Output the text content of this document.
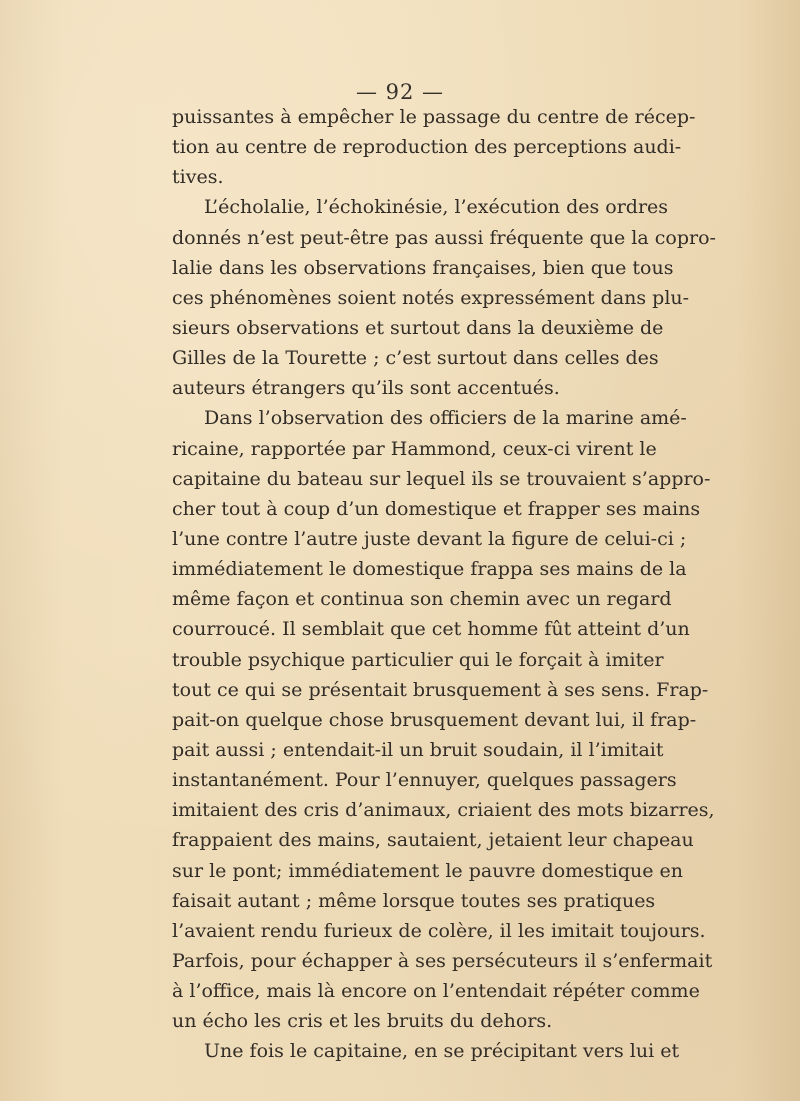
— 92 —
puissantes à empêcher le passage du centre de récep-
tion au centre de reproduction des perceptions audi-
tives.
L’écholalie, l’échokinésie, l’exécution des ordres
donnés n’est peut-être pas aussi fréquente que la copro-
lalie dans les observations françaises, bien que tous
ces phénomènes soient notés expressément dans plu-
sieurs observations et surtout dans la deuxième de
Gilles de la Tourette ; c’est surtout dans celles des
auteurs étrangers qu’ils sont accentués.
Dans l’observation des officiers de la marine amé-
ricaine, rapportée par Hammond, ceux-ci virent le
capitaine du bateau sur lequel ils se trouvaient s’appro-
cher tout à coup d’un domestique et frapper ses mains
l’une contre l’autre juste devant la figure de celui-ci ;
immédiatement le domestique frappa ses mains de la
même façon et continua son chemin avec un regard
courroucé. Il semblait que cet homme fût atteint d’un
trouble psychique particulier qui le forçait à imiter
tout ce qui se présentait brusquement à ses sens. Frap-
pait-on quelque chose brusquement devant lui, il frap-
pait aussi ; entendait-il un bruit soudain, il l’imitait
instantanément. Pour l’ennuyer, quelques passagers
imitaient des cris d’animaux, criaient des mots bizarres,
frappaient des mains, sautaient, jetaient leur chapeau
sur le pont; immédiatement le pauvre domestique en
faisait autant ; même lorsque toutes ses pratiques
l’avaient rendu furieux de colère, il les imitait toujours.
Parfois, pour échapper à ses persécuteurs il s’enfermait
à l’office, mais là encore on l’entendait répéter comme
un écho les cris et les bruits du dehors.
Une fois le capitaine, en se précipitant vers lui et
